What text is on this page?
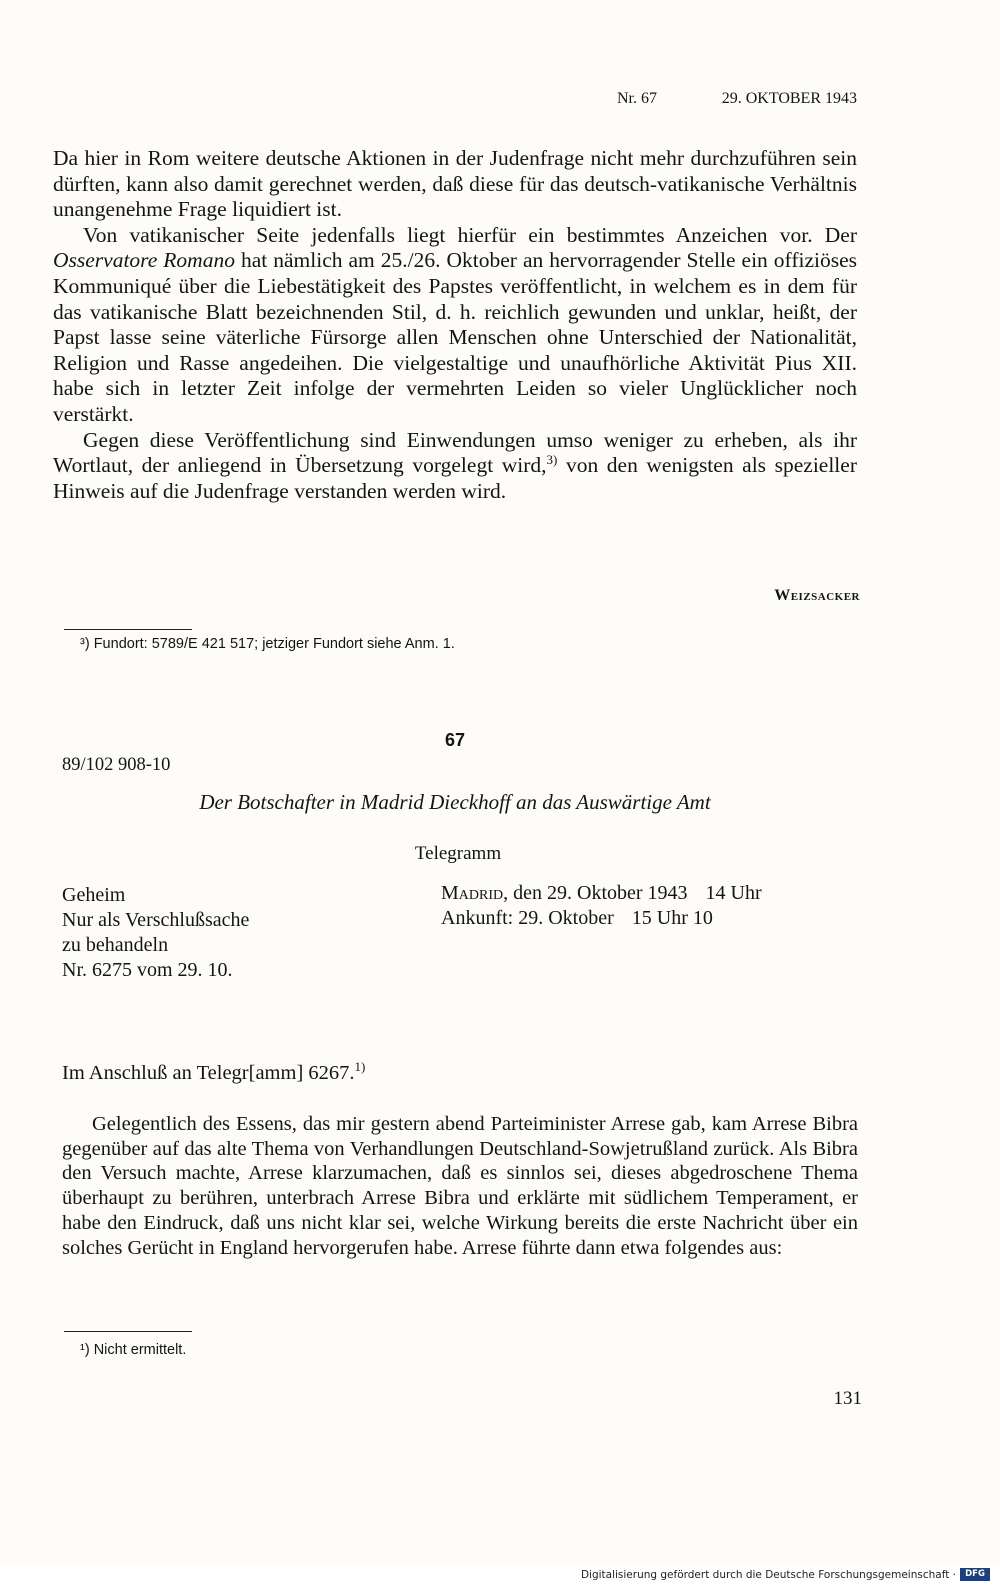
Nr. 67	29. OKTOBER 1943

Da hier in Rom weitere deutsche Aktionen in der Judenfrage nicht mehr durchzuführen sein dürften, kann also damit gerechnet werden, daß diese für das deutsch-vatikanische Verhältnis unangenehme Frage liquidiert ist.

Von vatikanischer Seite jedenfalls liegt hierfür ein bestimmtes Anzeichen vor. Der Osservatore Romano hat nämlich am 25./26. Oktober an hervorragender Stelle ein offiziöses Kommuniqué über die Liebestätigkeit des Papstes veröffentlicht, in welchem es in dem für das vatikanische Blatt bezeichnenden Stil, d. h. reichlich gewunden und unklar, heißt, der Papst lasse seine väterliche Fürsorge allen Menschen ohne Unterschied der Nationalität, Religion und Rasse angedeihen. Die vielgestaltige und unaufhörliche Aktivität Pius XII. habe sich in letzter Zeit infolge der vermehrten Leiden so vieler Unglücklicher noch verstärkt.

Gegen diese Veröffentlichung sind Einwendungen umso weniger zu erheben, als ihr Wortlaut, der anliegend in Übersetzung vorgelegt wird,$^{3)}$ von den wenigsten als spezieller Hinweis auf die Judenfrage verstanden werden wird.

Weizsacker
³) Fundort: 5789/E 421 517; jetziger Fundort siehe Anm. 1.
67
89/102 908-10
Der Botschafter in Madrid Dieckhoff an das Auswärtige Amt
Telegramm
Geheim
Nur als Verschlußsache
zu behandeln
Nr. 6275 vom 29. 10.
Madrid, den 29. Oktober 1943 14 Uhr
Ankunft: 29. Oktober 15 Uhr 10
Im Anschluß an Telegr[amm] 6267.$^{1)}$

Gelegentlich des Essens, das mir gestern abend Parteiminister Arrese gab, kam Arrese Bibra gegenüber auf das alte Thema von Verhandlungen Deutschland-Sowjetrußland zurück. Als Bibra den Versuch machte, Arrese klarzumachen, daß es sinnlos sei, dieses abgedroschene Thema überhaupt zu berühren, unterbrach Arrese Bibra und erklärte mit südlichem Temperament, er habe den Eindruck, daß uns nicht klar sei, welche Wirkung bereits die erste Nachricht über ein solches Gerücht in England hervorgerufen habe. Arrese führte dann etwa folgendes aus:

¹) Nicht ermittelt.
131
Digitalisierung gefördert durch die Deutsche Forschungsgemeinschaft ·	DFG
